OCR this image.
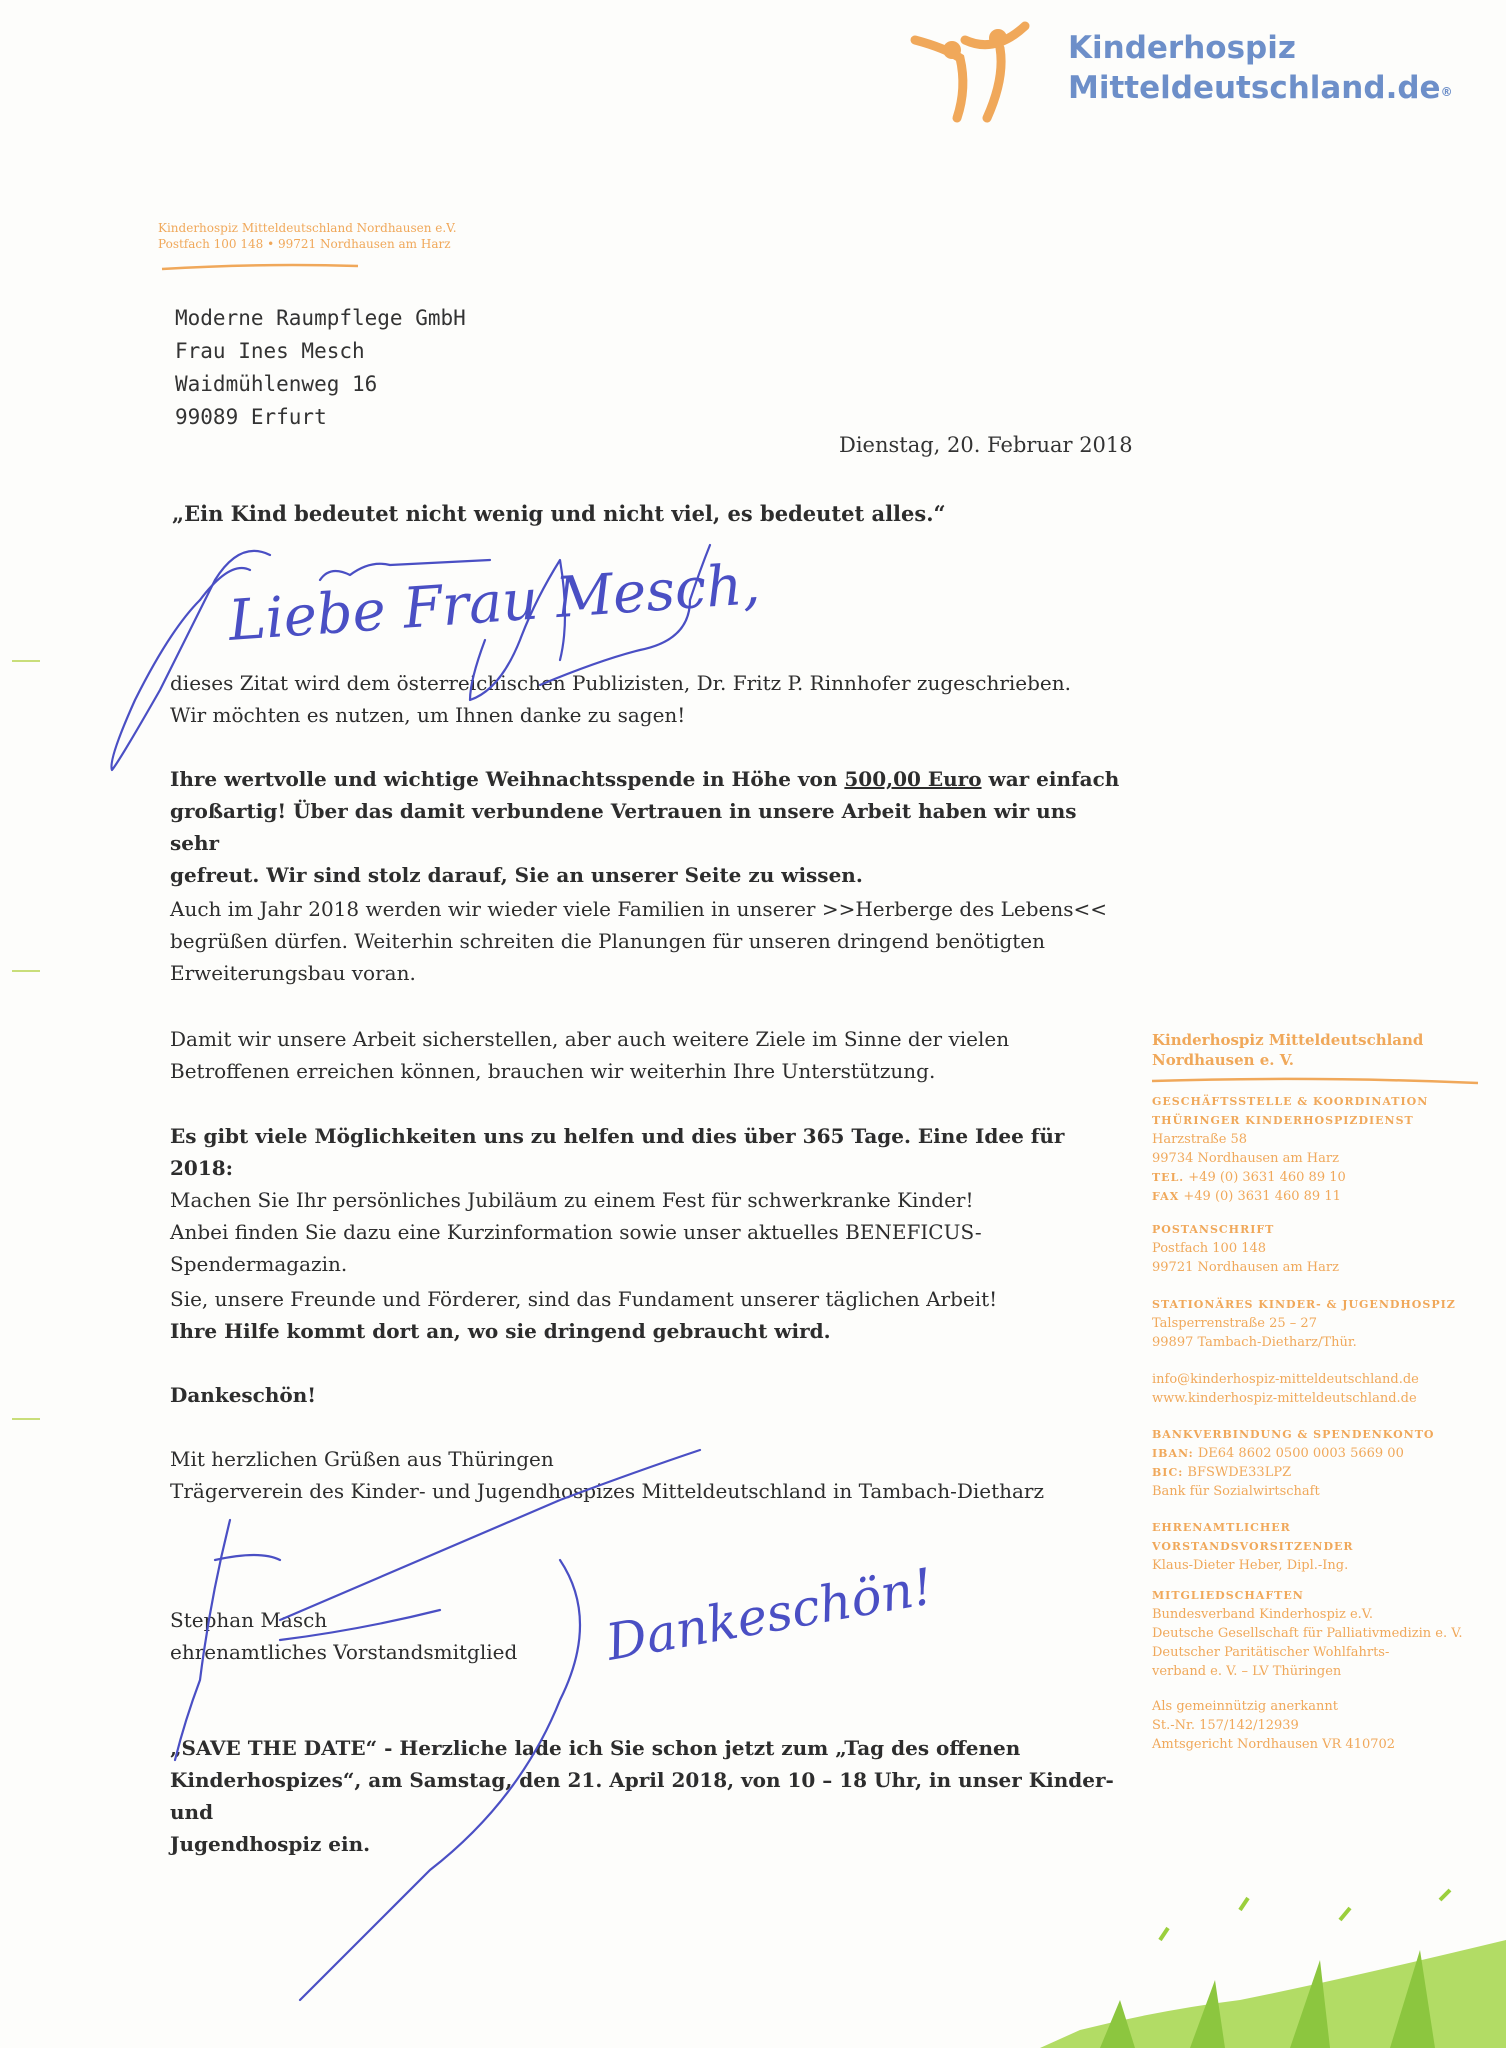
Kinderhospiz
Mitteldeutschland.de®
Kinderhospiz Mitteldeutschland Nordhausen e.V.
Postfach 100 148 • 99721 Nordhausen am Harz
Moderne Raumpflege GmbH
Frau Ines Mesch
Waidmühlenweg 16
99089 Erfurt
Dienstag, 20. Februar 2018
„Ein Kind bedeutet nicht wenig und nicht viel, es bedeutet alles.“
dieses Zitat wird dem österreichischen Publizisten, Dr. Fritz P. Rinnhofer zugeschrieben.
Wir möchten es nutzen, um Ihnen danke zu sagen!
Ihre wertvolle und wichtige Weihnachtsspende in Höhe von 500,00 Euro war einfach
großartig! Über das damit verbundene Vertrauen in unsere Arbeit haben wir uns sehr
gefreut. Wir sind stolz darauf, Sie an unserer Seite zu wissen.
Auch im Jahr 2018 werden wir wieder viele Familien in unserer >>Herberge des Lebens<<
begrüßen dürfen. Weiterhin schreiten die Planungen für unseren dringend benötigten
Erweiterungsbau voran.
Damit wir unsere Arbeit sicherstellen, aber auch weitere Ziele im Sinne der vielen
Betroffenen erreichen können, brauchen wir weiterhin Ihre Unterstützung.
Es gibt viele Möglichkeiten uns zu helfen und dies über 365 Tage. Eine Idee für 2018:
Machen Sie Ihr persönliches Jubiläum zu einem Fest für schwerkranke Kinder!
Anbei finden Sie dazu eine Kurzinformation sowie unser aktuelles BENEFICUS-
Spendermagazin.
Sie, unsere Freunde und Förderer, sind das Fundament unserer täglichen Arbeit!
Ihre Hilfe kommt dort an, wo sie dringend gebraucht wird.
Dankeschön!
Mit herzlichen Grüßen aus Thüringen
Trägerverein des Kinder- und Jugendhospizes Mitteldeutschland in Tambach-Dietharz
Stephan Masch
ehrenamtliches Vorstandsmitglied
„SAVE THE DATE“ - Herzliche lade ich Sie schon jetzt zum „Tag des offenen
Kinderhospizes“, am Samstag, den 21. April 2018, von 10 – 18 Uhr, in unser Kinder- und
Jugendhospiz ein.
Kinderhospiz Mitteldeutschland
Nordhausen e. V.
GESCHÄFTSSTELLE & KOORDINATION
THÜRINGER KINDERHOSPIZDIENST
Harzstraße 58
99734 Nordhausen am Harz
TEL. +49 (0) 3631 460 89 10
FAX +49 (0) 3631 460 89 11
POSTANSCHRIFT
Postfach 100 148
99721 Nordhausen am Harz
STATIONÄRES KINDER- & JUGENDHOSPIZ
Talsperrenstraße 25 – 27
99897 Tambach-Dietharz/Thür.
info@kinderhospiz-mitteldeutschland.de
www.kinderhospiz-mitteldeutschland.de
BANKVERBINDUNG & SPENDENKONTO
IBAN: DE64 8602 0500 0003 5669 00
BIC: BFSWDE33LPZ
Bank für Sozialwirtschaft
EHRENAMTLICHER
VORSTANDSVORSITZENDER
Klaus-Dieter Heber, Dipl.-Ing.
MITGLIEDSCHAFTEN
Bundesverband Kinderhospiz e.V.
Deutsche Gesellschaft für Palliativmedizin e. V.
Deutscher Paritätischer Wohlfahrts-
verband e. V. – LV Thüringen
Als gemeinnützig anerkannt
St.-Nr. 157/142/12939
Amtsgericht Nordhausen VR 410702
Liebe Frau Mesch,
Dankeschön!
